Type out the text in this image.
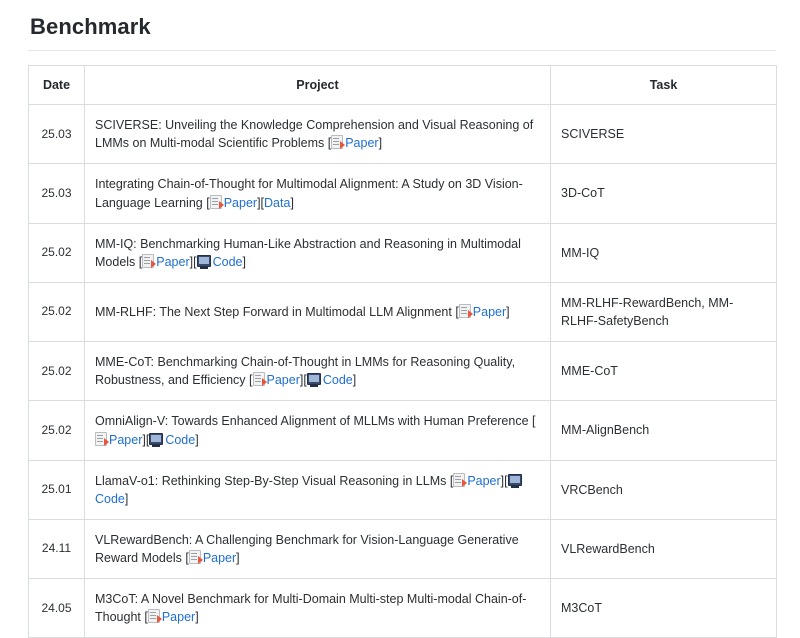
Benchmark
Date	Project	Task
25.03	SCIVERSE: Unveiling the Knowledge Comprehension and Visual Reasoning of LMMs on Multi-modal Scientific Problems [ Paper]	SCIVERSE
25.03	Integrating Chain-of-Thought for Multimodal Alignment: A Study on 3D Vision-Language Learning [ Paper][Data]	3D-CoT
25.02	MM-IQ: Benchmarking Human-Like Abstraction and Reasoning in Multimodal Models [ Paper][ Code]	MM-IQ
25.02	MM-RLHF: The Next Step Forward in Multimodal LLM Alignment [ Paper]	MM-RLHF-RewardBench, MM-RLHF-SafetyBench
25.02	MME-CoT: Benchmarking Chain-of-Thought in LMMs for Reasoning Quality, Robustness, and Efficiency [ Paper][ Code]	MME-CoT
25.02	OmniAlign-V: Towards Enhanced Alignment of MLLMs with Human Preference [Paper][ Code]	MM-AlignBench
25.01	LlamaV-o1: Rethinking Step-By-Step Visual Reasoning in LLMs [ Paper][Code]	VRCBench
24.11	VLRewardBench: A Challenging Benchmark for Vision-Language Generative Reward Models [ Paper]	VLRewardBench
24.05	M3CoT: A Novel Benchmark for Multi-Domain Multi-step Multi-modal Chain-of-Thought [ Paper]	M3CoT
